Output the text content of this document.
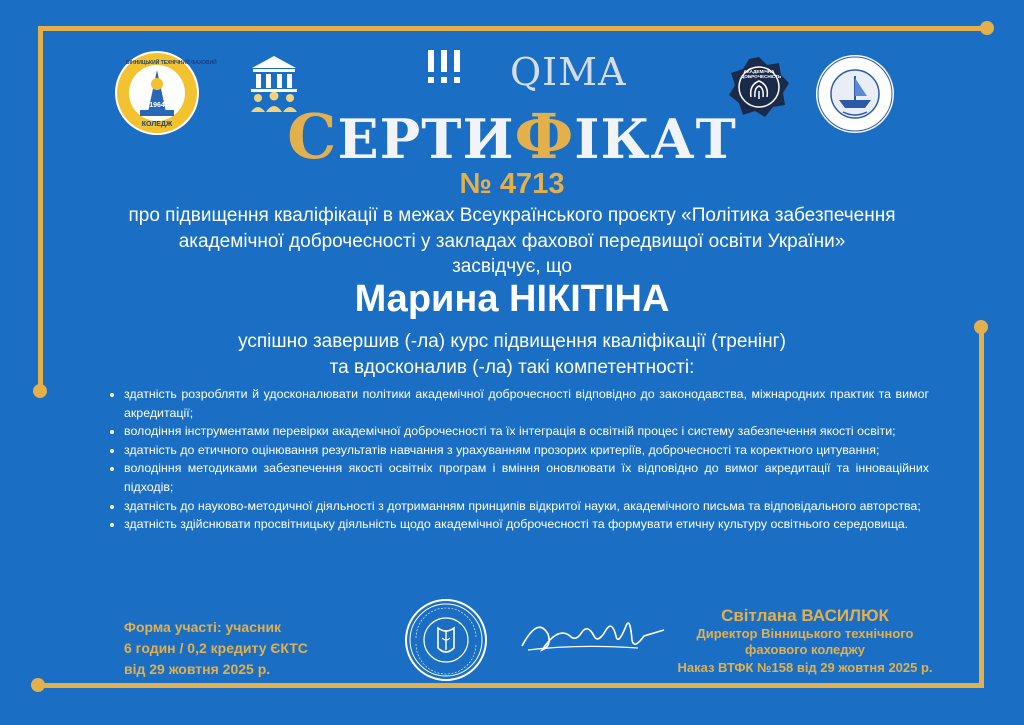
ВІННИЦЬКИЙ ТЕХНІЧНИЙ ФАХОВИЙ
1964
КОЛЕДЖ
QIMA	АКАДЕМІЧНА ДОБРОЧЕСНІСТЬ
СЕРТИФІКАТ
№ 4713
про підвищення кваліфікації в межах Всеукраїнського проєкту «Політика забезпечення
академічної доброчесності у закладах фахової передвищої освіти України»
засвідчує, що
Марина НІКІТІНА
успішно завершив (-ла) курс підвищення кваліфікації (тренінг)
та вдосконалив (-ла) такі компетентності:
• здатність розробляти й удосконалювати політики академічної доброчесності відповідно до законодавства, міжнародних практик та вимог акредитації;
• володіння інструментами перевірки академічної доброчесності та їх інтеграція в освітній процес і систему забезпечення якості освіти;
• здатність до етичного оцінювання результатів навчання з урахуванням прозорих критеріїв, доброчесності та коректного цитування;
• володіння методиками забезпечення якості освітніх програм і вміння оновлювати їх відповідно до вимог акредитації та інноваційних підходів;
• здатність до науково-методичної діяльності з дотриманням принципів відкритої науки, академічного письма та відповідального авторства;
• здатність здійснювати просвітницьку діяльність щодо академічної доброчесності та формувати етичну культуру освітнього середовища.
Форма участі: учасник
6 годин / 0,2 кредиту ЄКТС
від 29 жовтня 2025 р.
Світлана ВАСИЛЮК
Директор Вінницького технічного
фахового коледжу
Наказ ВТФК №158 від 29 жовтня 2025 р.
